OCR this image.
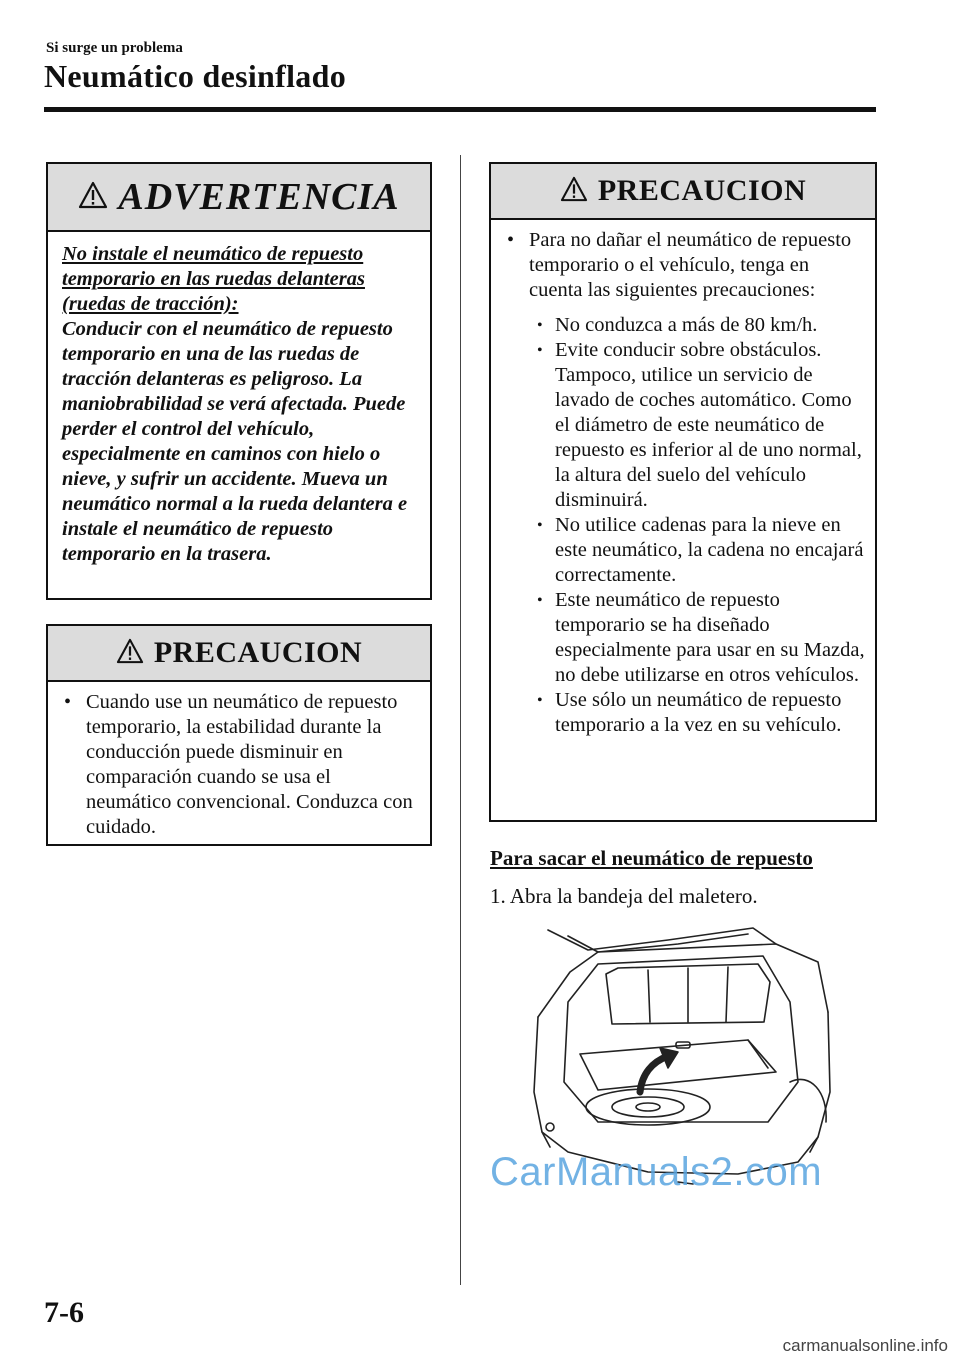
Si surge un problema
Neumático desinflado
ADVERTENCIA

No instale el neumático de repuesto temporario en las ruedas delanteras (ruedas de tracción):

Conducir con el neumático de repuesto temporario en una de las ruedas de tracción delanteras es peligroso. La maniobrabilidad se verá afectada. Puede perder el control del vehículo, especialmente en caminos con hielo o nieve, y sufrir un accidente. Mueva un neumático normal a la rueda delantera e instale el neumático de repuesto temporario en la trasera.

PRECAUCION
• Cuando use un neumático de repuesto temporario, la estabilidad durante la conducción puede disminuir en comparación cuando se usa el neumático convencional. Conduzca con cuidado.
PRECAUCION
• Para no dañar el neumático de repuesto temporario o el vehículo, tenga en cuenta las siguientes precauciones:
• No conduzca a más de 80 km/h.
• Evite conducir sobre obstáculos. Tampoco, utilice un servicio de lavado de coches automático. Como el diámetro de este neumático de repuesto es inferior al de uno normal, la altura del suelo del vehículo disminuirá.
• No utilice cadenas para la nieve en este neumático, la cadena no encajará correctamente.
• Este neumático de repuesto temporario se ha diseñado especialmente para usar en su Mazda, no debe utilizarse en otros vehículos.
• Use sólo un neumático de repuesto temporario a la vez en su vehículo.
Para sacar el neumático de repuesto
1. Abra la bandeja del maletero.
CarManuals2.com
7-6
carmanualsonline.info
